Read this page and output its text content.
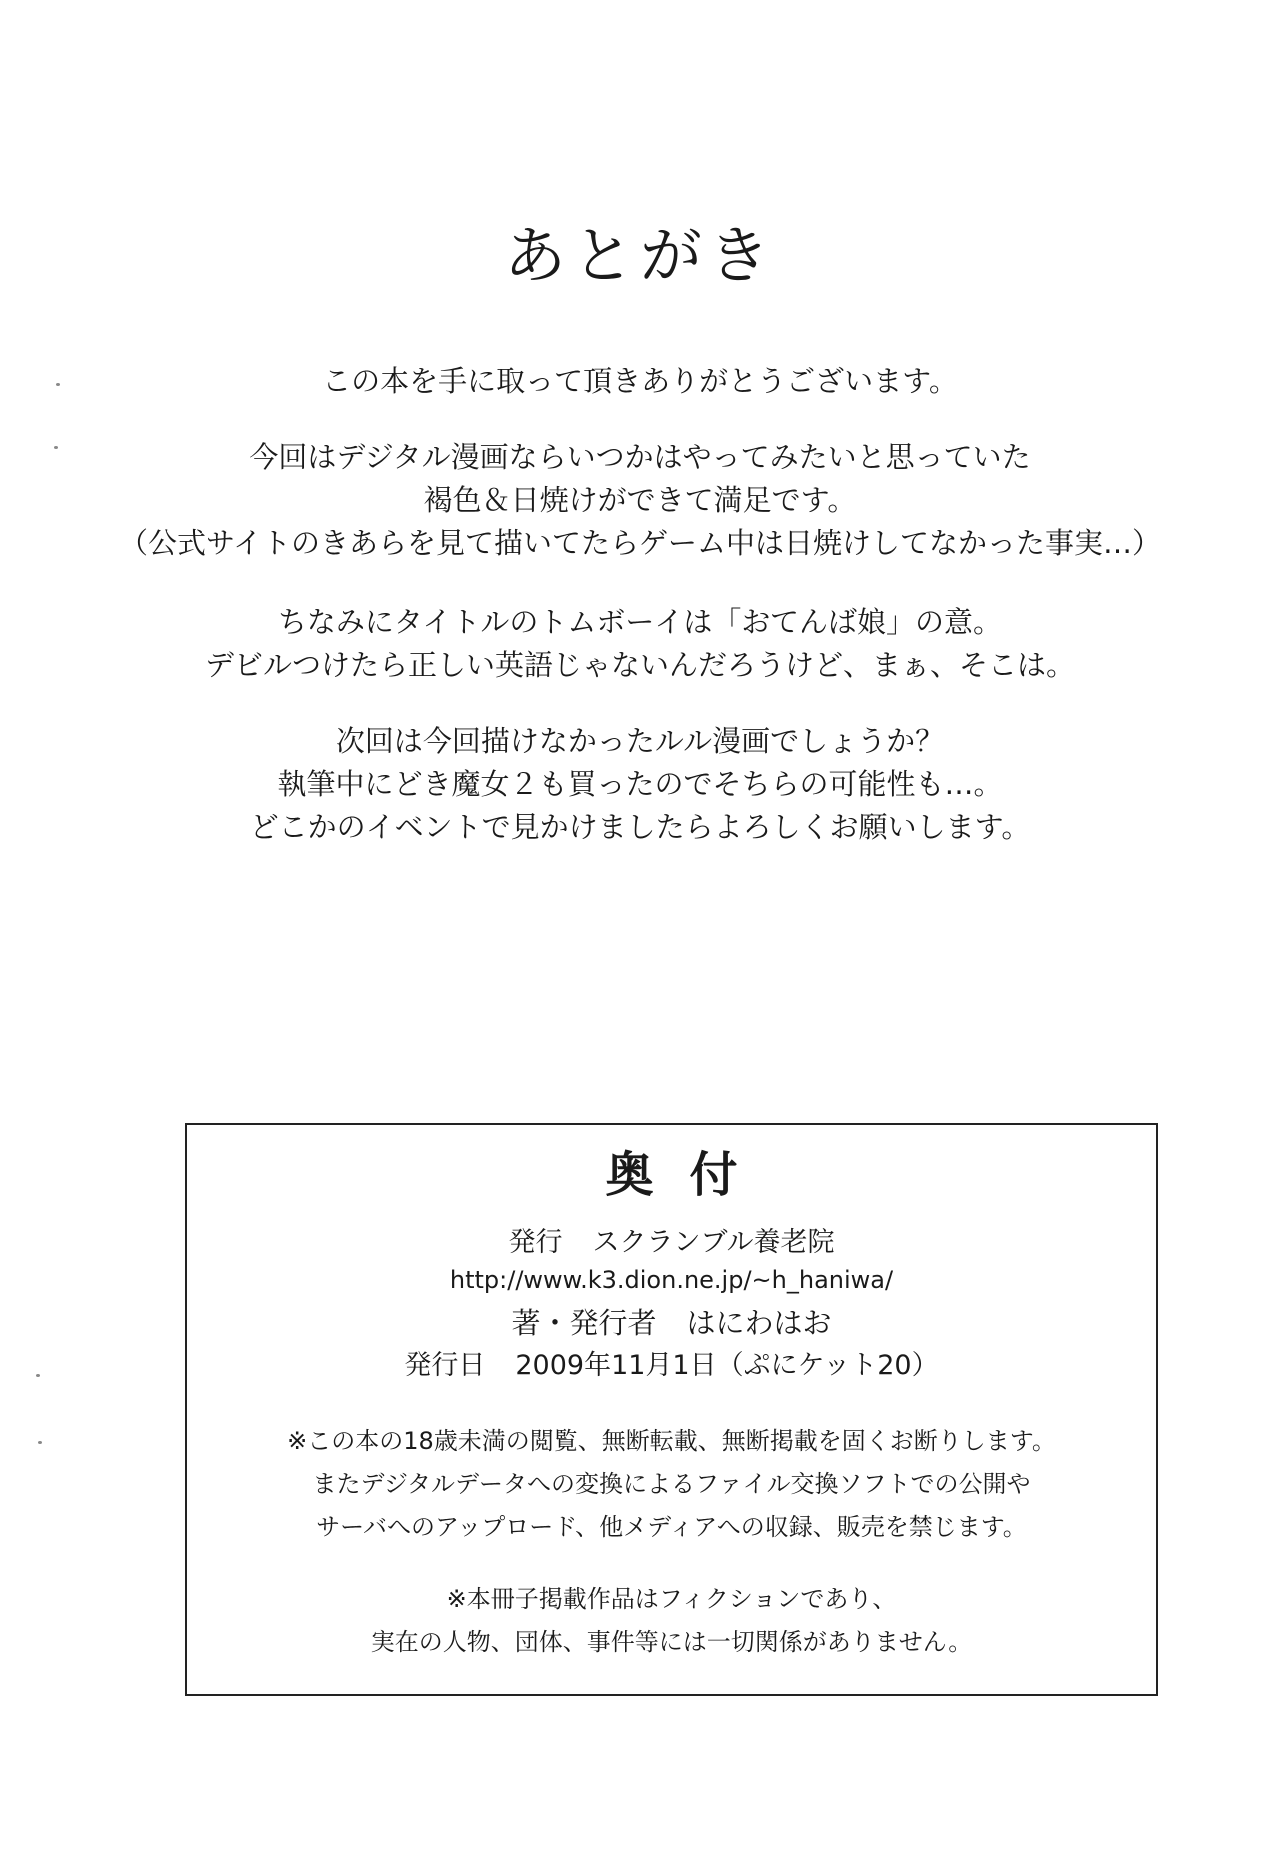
あとがき

この本を手に取って頂きありがとうございます。

今回はデジタル漫画ならいつかはやってみたいと思っていた
褐色＆日焼けができて満足です。
（公式サイトのきあらを見て描いてたらゲーム中は日焼けしてなかった事実…）

ちなみにタイトルのトムボーイは「おてんば娘」の意。
デビルつけたら正しい英語じゃないんだろうけど、まぁ、そこは。

次回は今回描けなかったルル漫画でしょうか？
執筆中にどき魔女２も買ったのでそちらの可能性も…。
どこかのイベントで見かけましたらよろしくお願いします。

奥付
発行 スクランブル養老院
http://www.k3.dion.ne.jp/~h_haniwa/
著・発行者 はにわはお
発行日 2009年11月1日（ぷにケット20）
※この本の18歳未満の閲覧、無断転載、無断掲載を固くお断りします。
またデジタルデータへの変換によるファイル交換ソフトでの公開や
サーバへのアップロード、他メディアへの収録、販売を禁じます。
※本冊子掲載作品はフィクションであり、
実在の人物、団体、事件等には一切関係がありません。
